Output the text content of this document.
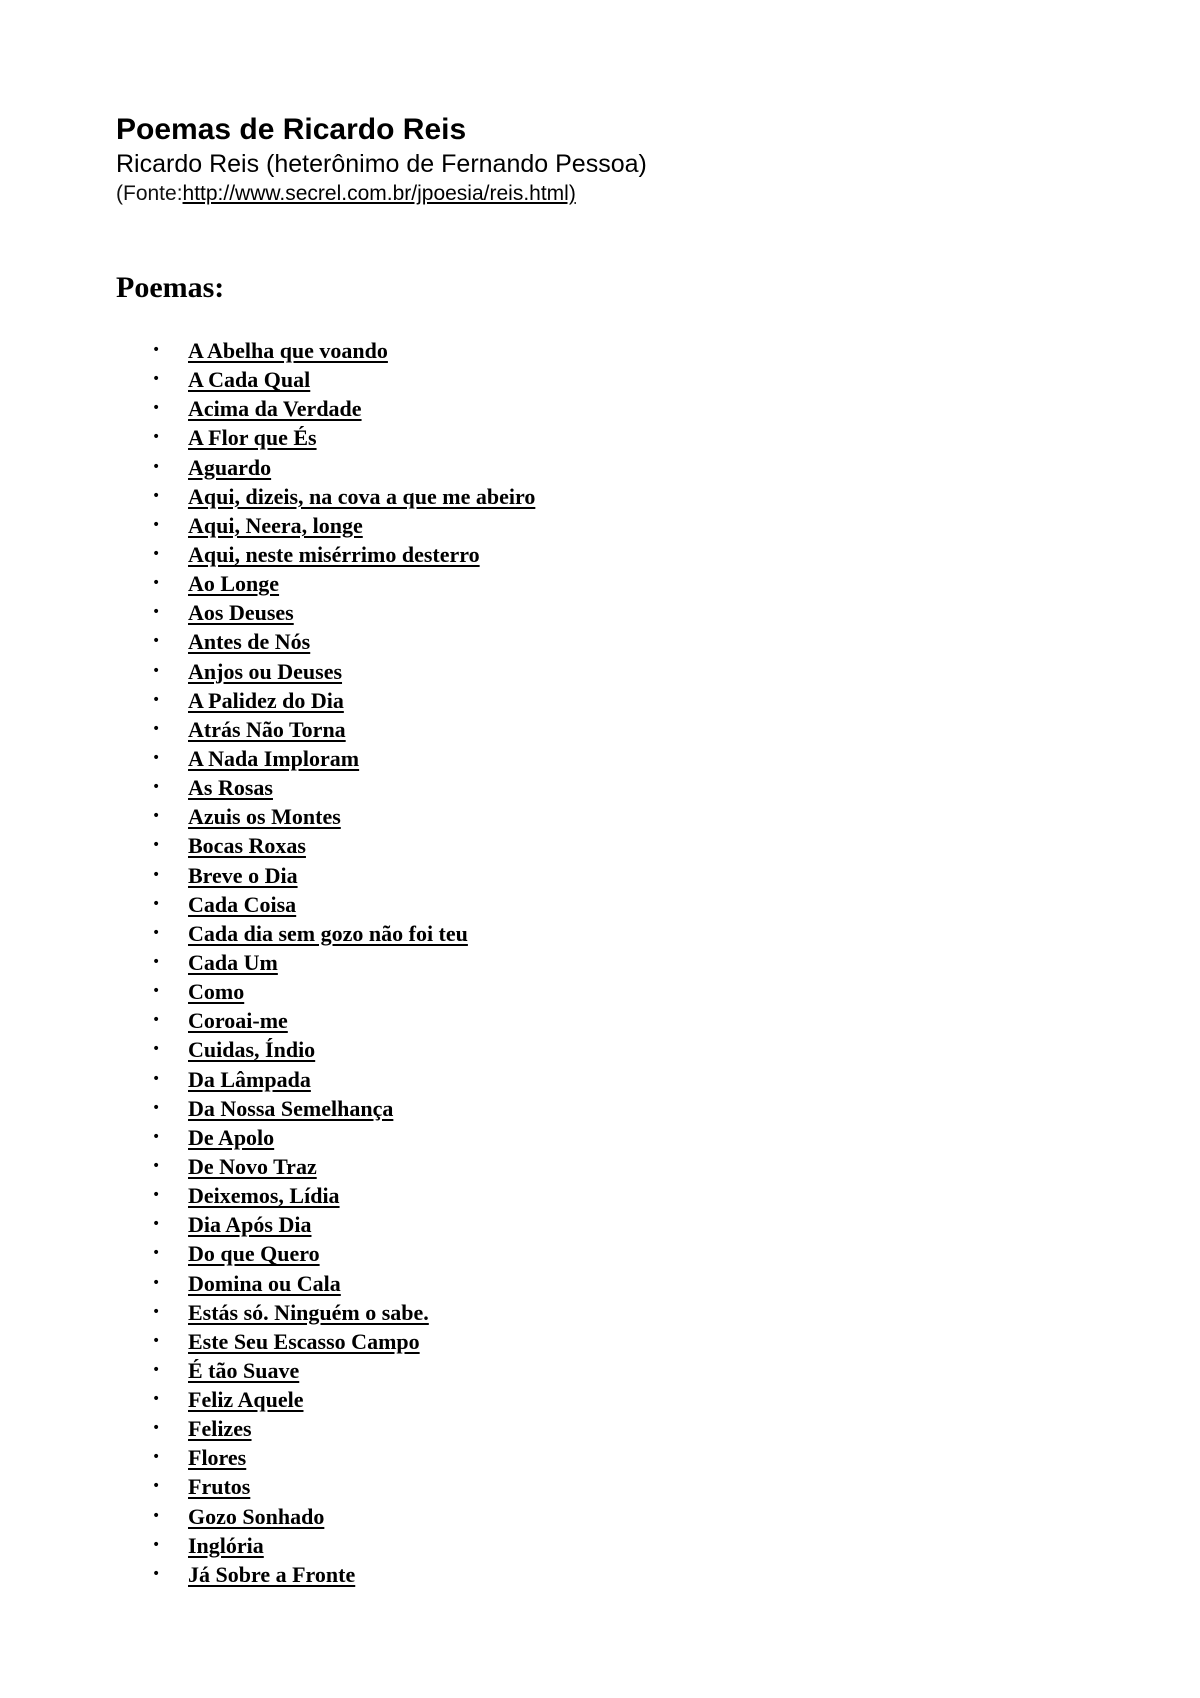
Poemas de Ricardo Reis

Ricardo Reis (heterônimo de Fernando Pessoa)

(Fonte:http://www.secrel.com.br/jpoesia/reis.html)

Poemas:
• A Abelha que voando
• A Cada Qual
• Acima da Verdade
• A Flor que És
• Aguardo
• Aqui, dizeis, na cova a que me abeiro
• Aqui, Neera, longe
• Aqui, neste misérrimo desterro
• Ao Longe
• Aos Deuses
• Antes de Nós
• Anjos ou Deuses
• A Palidez do Dia
• Atrás Não Torna
• A Nada Imploram
• As Rosas
• Azuis os Montes
• Bocas Roxas
• Breve o Dia
• Cada Coisa
• Cada dia sem gozo não foi teu
• Cada Um
• Como
• Coroai-me
• Cuidas, Índio
• Da Lâmpada
• Da Nossa Semelhança
• De Apolo
• De Novo Traz
• Deixemos, Lídia
• Dia Após Dia
• Do que Quero
• Domina ou Cala
• Estás só. Ninguém o sabe.
• Este Seu Escasso Campo
• É tão Suave
• Feliz Aquele
• Felizes
• Flores
• Frutos
• Gozo Sonhado
• Inglória
• Já Sobre a Fronte
